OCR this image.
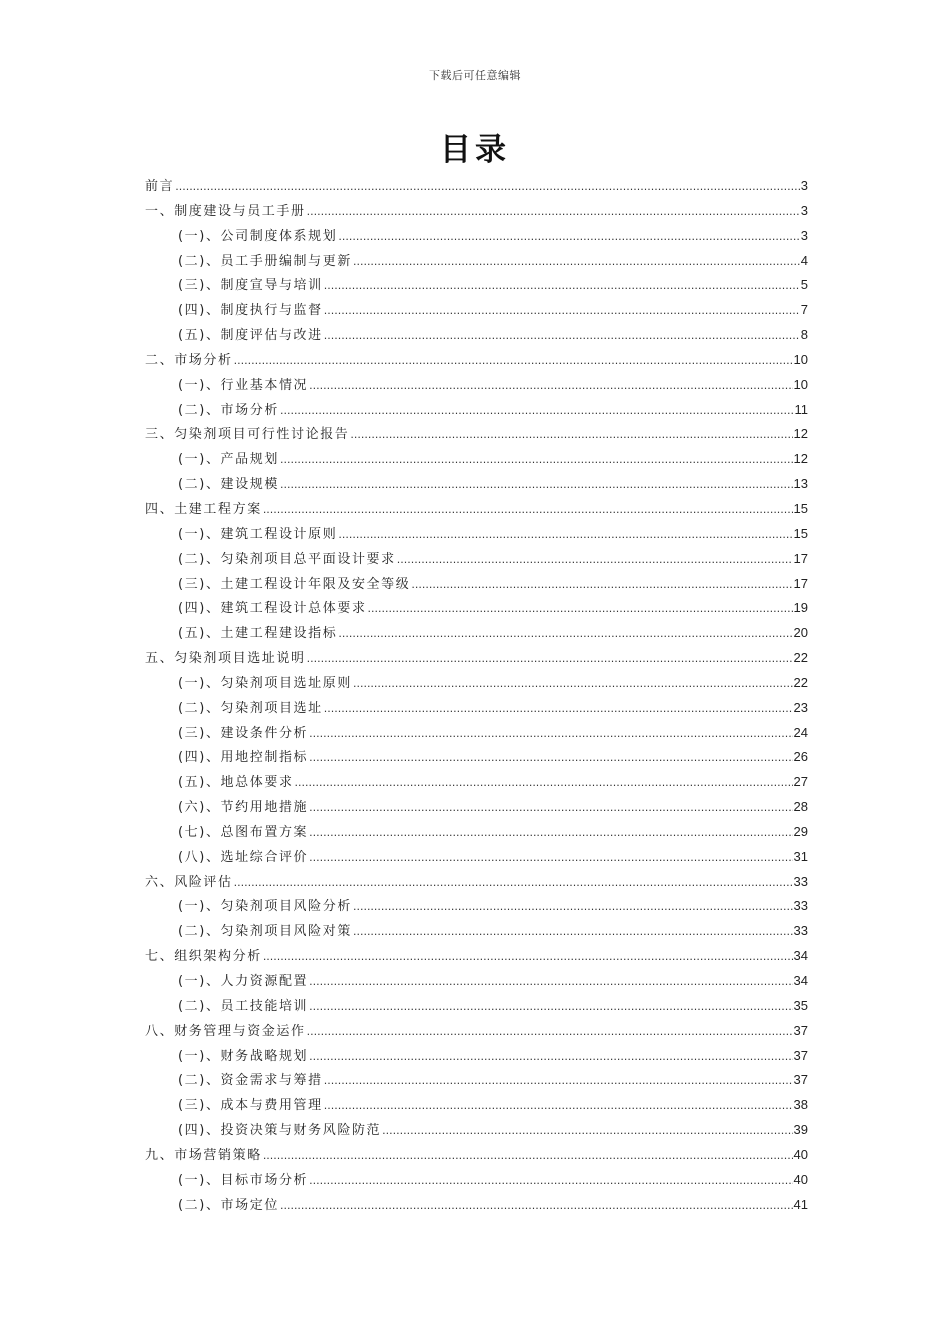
下载后可任意编辑
目录
前言 .....	3
一、制度建设与员工手册 .....	3
(一)、公司制度体系规划 .....	3
(二)、员工手册编制与更新 .....	4
(三)、制度宣导与培训 .....	5
(四)、制度执行与监督 .....	7
(五)、制度评估与改进 .....	8
二、市场分析 .....	10
(一)、行业基本情况 .....	10
(二)、市场分析 .....	11
三、匀染剂项目可行性讨论报告 .....	12
(一)、产品规划 .....	12
(二)、建设规模 .....	13
四、土建工程方案 .....	15
(一)、建筑工程设计原则 .....	15
(二)、匀染剂项目总平面设计要求 .....	17
(三)、土建工程设计年限及安全等级 .....	17
(四)、建筑工程设计总体要求 .....	19
(五)、土建工程建设指标 .....	20
五、匀染剂项目选址说明 .....	22
(一)、匀染剂项目选址原则 .....	22
(二)、匀染剂项目选址 .....	23
(三)、建设条件分析 .....	24
(四)、用地控制指标 .....	26
(五)、地总体要求 .....	27
(六)、节约用地措施 .....	28
(七)、总图布置方案 .....	29
(八)、选址综合评价 .....	31
六、风险评估 .....	33
(一)、匀染剂项目风险分析 .....	33
(二)、匀染剂项目风险对策 .....	33
七、组织架构分析 .....	34
(一)、人力资源配置 .....	34
(二)、员工技能培训 .....	35
八、财务管理与资金运作 .....	37
(一)、财务战略规划 .....	37
(二)、资金需求与筹措 .....	37
(三)、成本与费用管理 .....	38
(四)、投资决策与财务风险防范 .....	39
九、市场营销策略 .....	40
(一)、目标市场分析 .....	40
(二)、市场定位 .....	41
